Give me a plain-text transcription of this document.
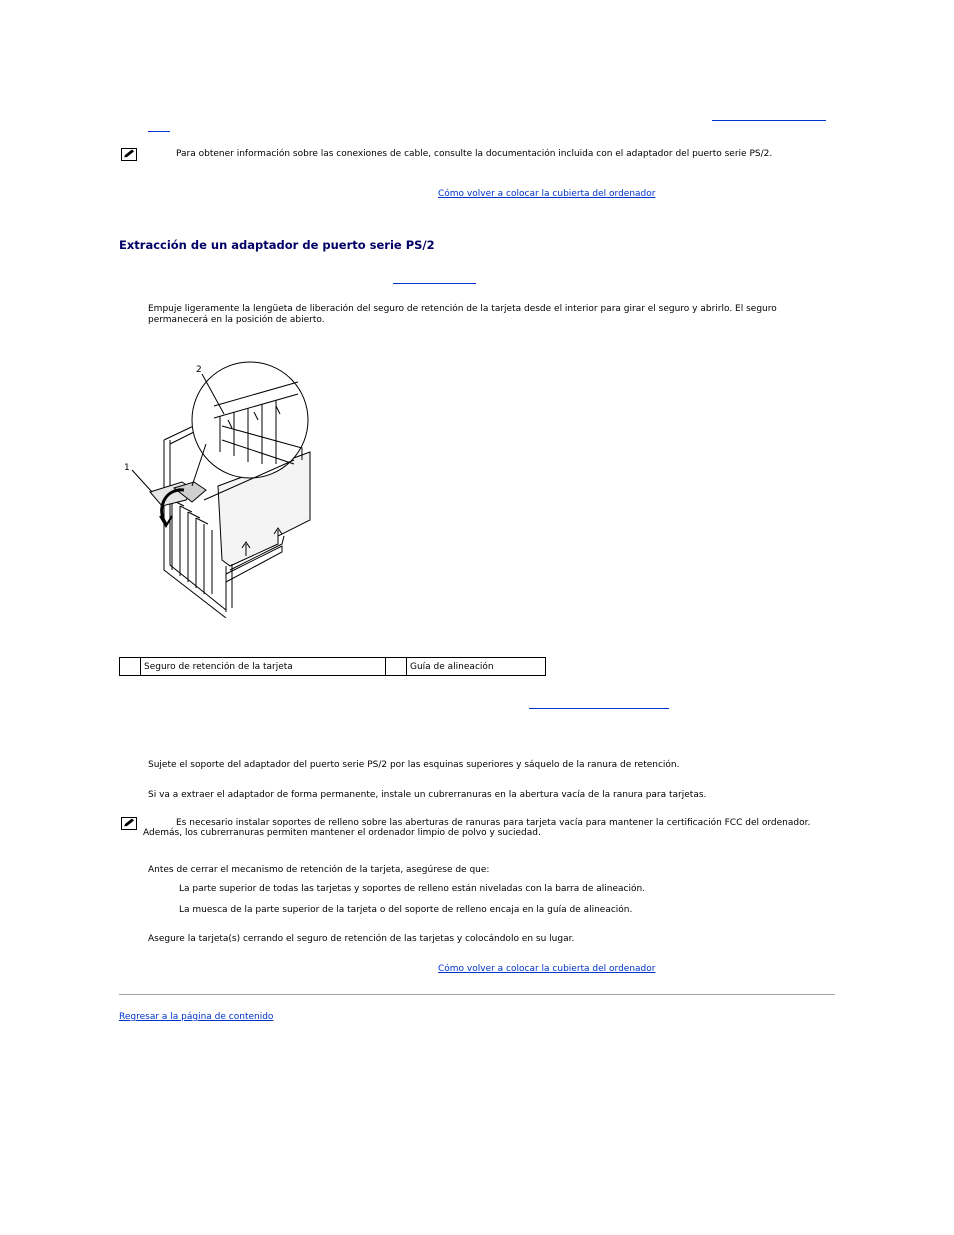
Para obtener información sobre las conexiones de cable, consulte la documentación incluida con el adaptador del puerto serie PS/2.
Cómo volver a colocar la cubierta del ordenador
Extracción de un adaptador de puerto serie PS/2
Empuje ligeramente la lengüeta de liberación del seguro de retención de la tarjeta desde el interior para girar el seguro y abrirlo. El seguro permanecerá en la posición de abierto.
1
2
	Seguro de retención de la tarjeta		Guía de alineación
Sujete el soporte del adaptador del puerto serie PS/2 por las esquinas superiores y sáquelo de la ranura de retención.
Si va a extraer el adaptador de forma permanente, instale un cubrerranuras en la abertura vacía de la ranura para tarjetas.
Es necesario instalar soportes de relleno sobre las aberturas de ranuras para tarjeta vacía para mantener la certificación FCC del ordenador.
Además, los cubrerranuras permiten mantener el ordenador limpio de polvo y suciedad.
Antes de cerrar el mecanismo de retención de la tarjeta, asegúrese de que:
La parte superior de todas las tarjetas y soportes de relleno están niveladas con la barra de alineación.
La muesca de la parte superior de la tarjeta o del soporte de relleno encaja en la guía de alineación.
Asegure la tarjeta(s) cerrando el seguro de retención de las tarjetas y colocándolo en su lugar.
Cómo volver a colocar la cubierta del ordenador
Regresar a la página de contenido
